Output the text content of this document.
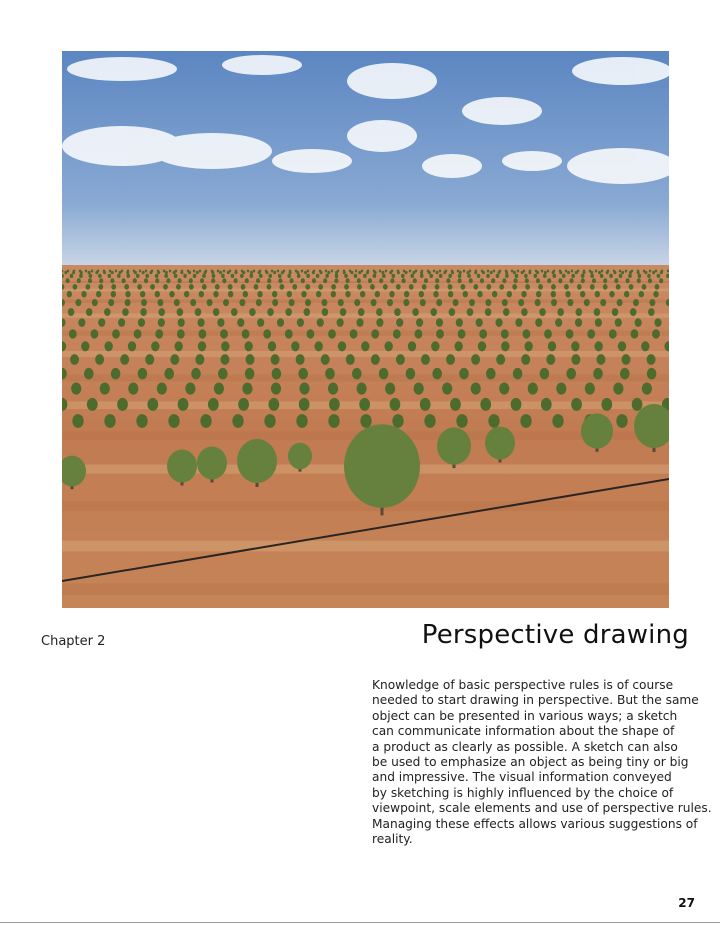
Chapter 2	Perspective drawing
Knowledge of basic perspective rules is of course
needed to start drawing in perspective. But the same
object can be presented in various ways; a sketch
can communicate information about the shape of
a product as clearly as possible. A sketch can also
be used to emphasize an object as being tiny or big
and impressive. The visual information conveyed
by sketching is highly influenced by the choice of
viewpoint, scale elements and use of perspective rules.
Managing these effects allows various suggestions of
reality.
27
